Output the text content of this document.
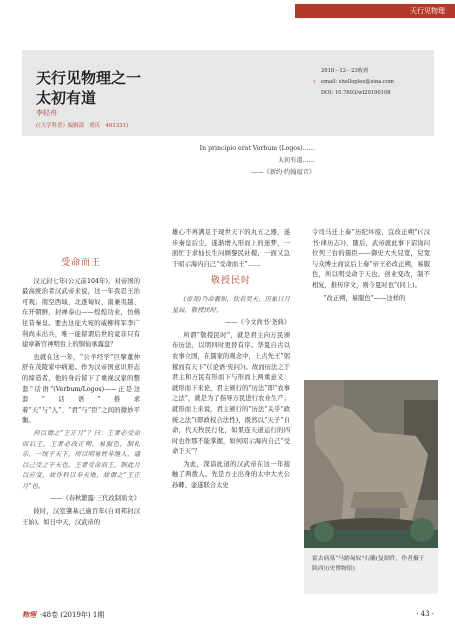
天行见物理
天行见物理之一
太初有道
李轻舟
(《大学科普》编辑部　重庆　401331)
2018－12－23收到
†	email: shelloplee@sina.com
DOI: 10.7693/wl20190108
In principio erat Verbum (Logos)……
太初有道……
——《新约·约翰福音》
受命而王

汉元封七年(公元前104年)，对帝国的最高统治者汉武帝来说，这一年我忍王治可观；南空西域、北逐匈奴、南兼夷越、东开朝鲜，封禅泰山——煌煌功业，仿佛往昔秦皇。要去这征大宛的威柳将军李广利尚未出兵，唯一能留谓后世的竟非只有建章新宫神明台上的铜仙承露盘？

也就在这一年，“公羊经学”巨擘董仲舒在茂陵家中病逝。作为汉帝国意识形态的缔造者，他的身后留下了重视汉家的整套“话语”(Verbum/Logos)——正是这套“话语”推求着“天”与“人”、“君”与“臣”之间的微妙平衡。

何以谓之“王正月”？曰：王者必受命而后王，王者必改正朔，易服色，制礼乐，一统于天下，所以明易姓非继人，通以己受之于天也。王者受命而王，制此月以应变，故作科以奉天地，故谓之“王正月”也。

——《春秋繁露·三代改制质文》

彼时，汉室肇基已逾百年(自刘邦封汉王始)。如日中天，汉武帝的

雄心不再满足于现世天下的丸五之器，遂步秦皇后尘，遂渐增入形而上的迷梦，一面忙于求仙长生问顾黎民社稷，一面又急于昭示海内自己“受命而王”……

敬授民时

(帝尧)乃命羲和，钦若昊天，历象日月星辰，敬授民时。

——《今文尚书·尧典》

所谓“敬授民时”，就是君主向万民颁布历法，以明四时更替有序。华夏自古以农事立国，在儒家的观念中，上古先王“躬稼而有天下”(《论语·宪问》)。故而历法之于君主和万民有形而下与形而上两重意义：就形而下来论，君主颁行的“历法”即“农事之法”，就是为了指导万民进行农业生产；就形而上来说，君主颁行的“历法”关乎“政统之法”(即政权合法性)，既然以“天子”自命，代天牧民行化，如果连天道运行的四时也作那不能掌握，如何昭示海内自己“受命于天”？

为此，深谙此道的汉武帝在这一年接触了两拨人。先是方士出身的太中大夫公孙卿、壶遂联合太史

令司马迁上奏“历纪坏废，宜改正朔”(《汉书·律历志》)，随后，武帝就此事下诏询问位列三台的儒臣——御史大夫兒宽，兒宽与众博士商议后上奏“帝王必改正朔，易服色，所以明受命于天也。创业变改，制不相复，推传序文，则今夏时也”(同上)。

“改正朔，易服色”——这样的

霍去病墓“马踏匈奴”石雕(复制件，作者摄于陕西历史博物馆)
物理 ·48卷 (2019年) 1期	· 43 ·
